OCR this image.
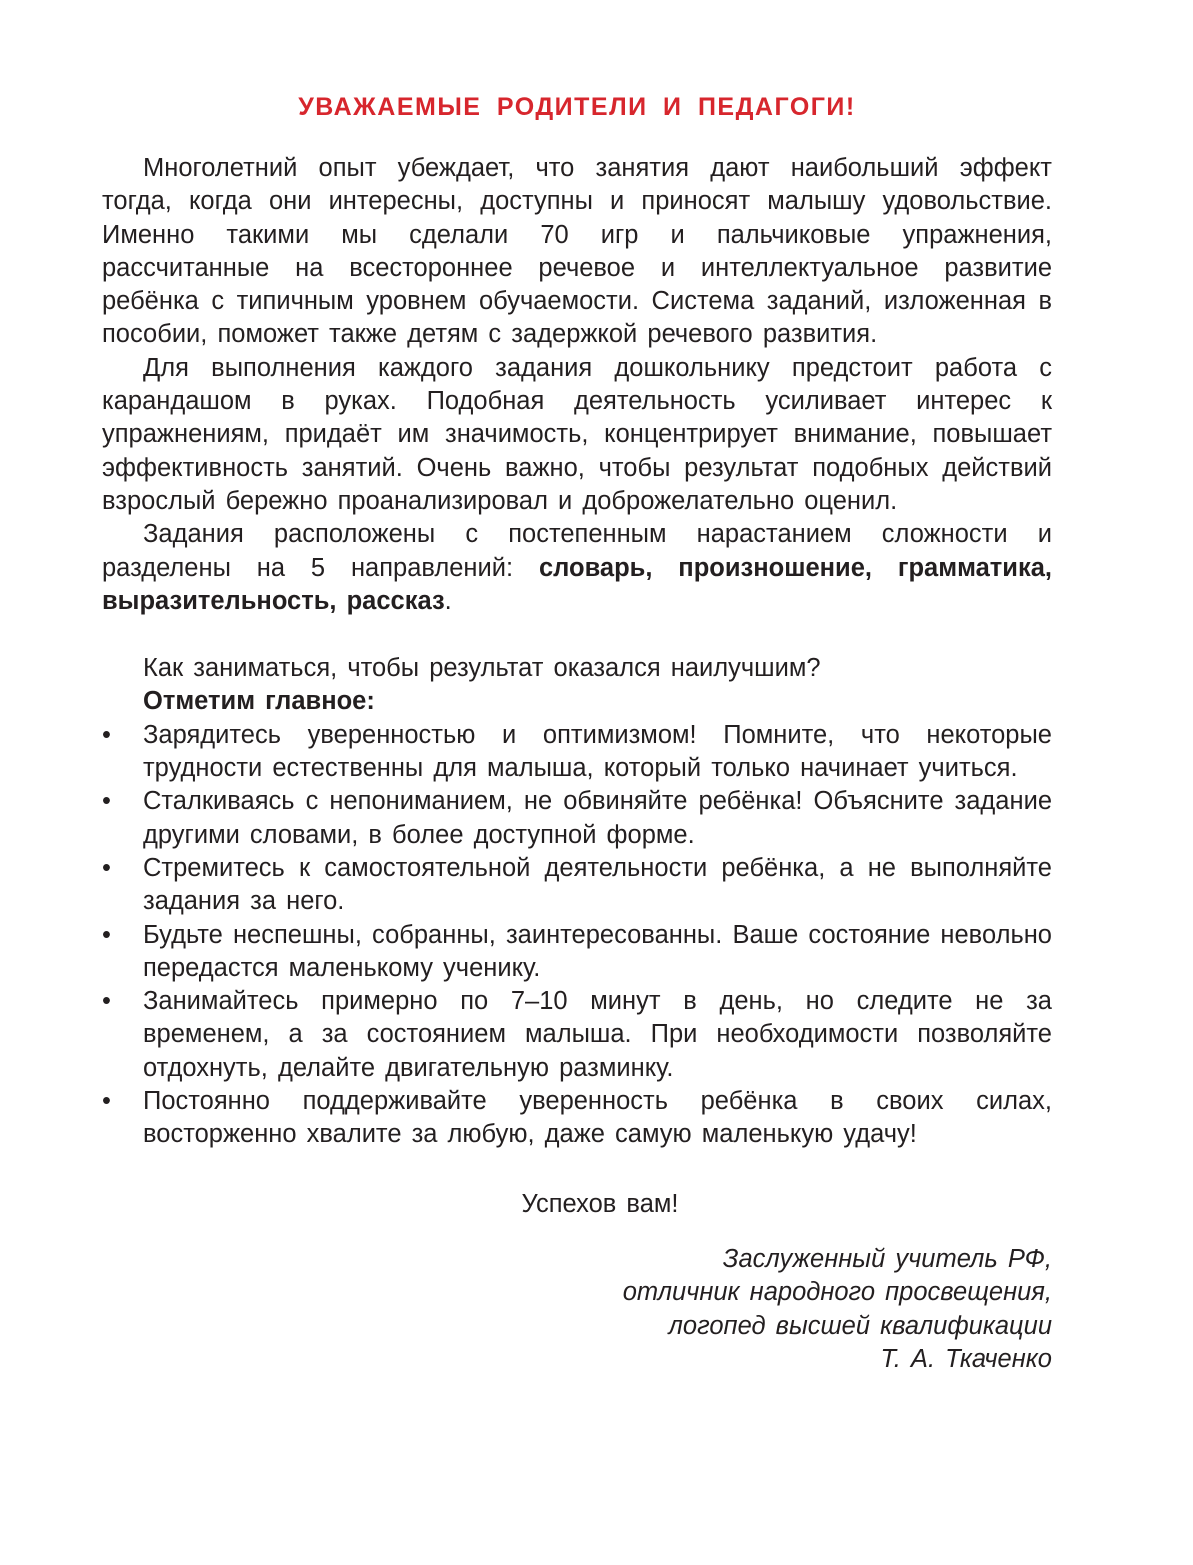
УВАЖАЕМЫЕ РОДИТЕЛИ И ПЕДАГОГИ!

Многолетний опыт убеждает, что занятия дают наибольший эффект тогда, когда они интересны, доступны и приносят малышу удовольствие. Именно такими мы сделали 70 игр и пальчиковые упражнения, рассчитанные на всестороннее речевое и интеллектуальное развитие ребёнка с типичным уровнем обучаемости. Система заданий, изложенная в пособии, поможет также детям с задержкой речевого развития.

Для выполнения каждого задания дошкольнику предстоит работа с карандашом в руках. Подобная деятельность усиливает интерес к упражнениям, придаёт им значимость, концентрирует внимание, повышает эффективность занятий. Очень важно, чтобы результат подобных действий взрослый бережно проанализировал и доброжелательно оценил.

Задания расположены с постепенным нарастанием сложности и разделены на 5 направлений: словарь, произношение, грамматика, выразительность, рассказ.

Как заниматься, чтобы результат оказался наилучшим?

Отметим главное:

• Зарядитесь уверенностью и оптимизмом! Помните, что некоторые трудности естественны для малыша, который только начинает учиться.
• Сталкиваясь с непониманием, не обвиняйте ребёнка! Объясните задание другими словами, в более доступной форме.
• Стремитесь к самостоятельной деятельности ребёнка, а не выполняйте задания за него.
• Будьте неспешны, собранны, заинтересованны. Ваше состояние невольно передастся маленькому ученику.
• Занимайтесь примерно по 7–10 минут в день, но следите не за временем, а за состоянием малыша. При необходимости позволяйте отдохнуть, делайте двигательную разминку.
• Постоянно поддерживайте уверенность ребёнка в своих силах, восторженно хвалите за любую, даже самую маленькую удачу!

Успехов вам!

Заслуженный учитель РФ,
отличник народного просвещения,
логопед высшей квалификации
Т. А. Ткаченко
